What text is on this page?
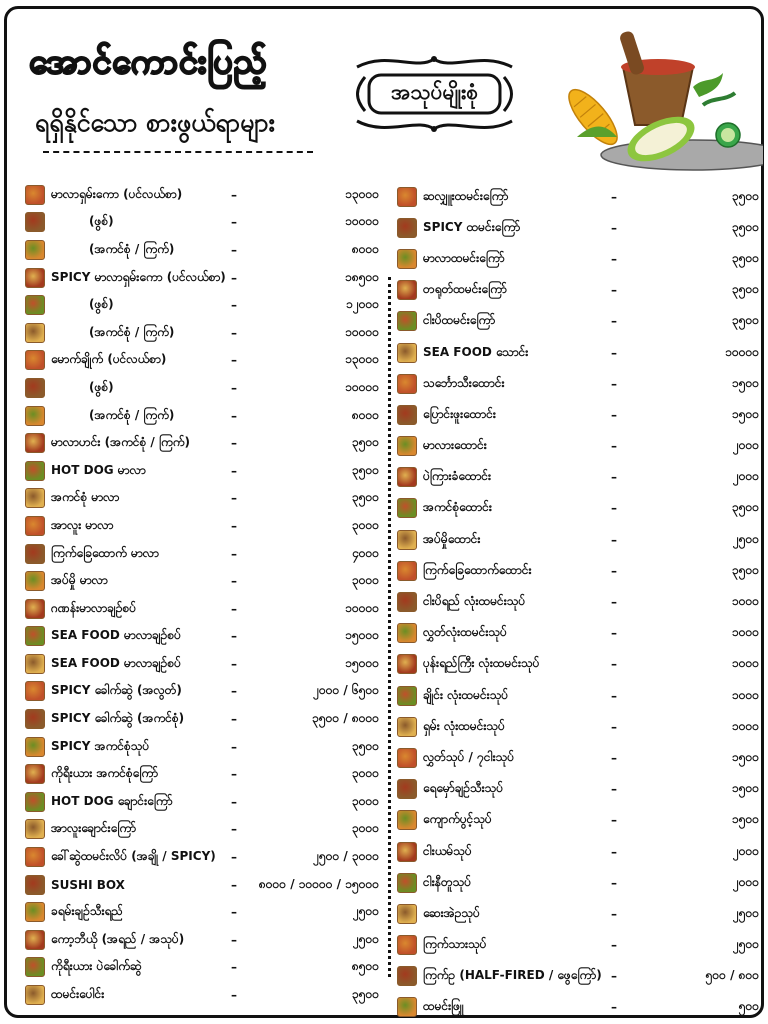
အောင်ကောင်းပြည့်
ရရှိနိုင်သော စားဖွယ်ရာများ
အသုပ်မျိုးစုံ
မာလာရှမ်းကော (ပင်လယ်စာ)	–	၁၃၀၀၀
(ဖွစ်)	–	၁၀၀၀၀
(အကင်စုံ / ကြက်)	–	၈၀၀၀
SPICY မာလာရှမ်းကော (ပင်လယ်စာ) –	၁၈၅၀၀
(ဖွစ်)	–	၁၂၀၀၀
(အကင်စုံ / ကြက်)	–	၁၀၀၀၀
မောက်ချိုက် (ပင်လယ်စာ)	–	၁၃၀၀၀
(ဖွစ်)	–	၁၀၀၀၀
(အကင်စုံ / ကြက်)	–	၈၀၀၀
မာလာဟင်း (အကင်စုံ / ကြက်)	–	၃၅၀၀
HOT DOG မာလာ	–	၃၅၀၀
အကင်စုံ မာလာ	–	၃၅၀၀
အာလူး မာလာ	–	၃၀၀၀
ကြက်ခြေထောက် မာလာ	–	၄၀၀၀
အပ်မှို မာလာ	–	၃၀၀၀
ဂဏန်းမာလာချဉ်စပ်	–	၁၀၀၀၀
SEA FOOD မာလာချဉ်စပ်	–	၁၅၀၀၀
SEA FOOD မာလာချဉ်စပ်	–	၁၅၀၀၀
SPICY ခေါက်ဆွဲ (အလွတ်)	–	၂၀၀၀ / ၆၅၀၀
SPICY ခေါက်ဆွဲ (အကင်စုံ)	–	၃၅၀၀ / ၈၀၀၀
SPICY အကင်စုံသုပ်	–	၃၅၀၀
ကိုရီးယား အကင်စုံကြော်	–	၃၀၀၀
HOT DOG ချောင်းကြော်	–	၃၀၀၀
အာလူးချောင်းကြော်	–	၃၀၀၀
ခေါ်ဆွဲထမင်းလိပ် (အချို / SPICY)	–	၂၅၀၀ / ၃၀၀၀
SUSHI BOX	– ၈၀၀၀ / ၁၀၀၀၀ / ၁၅၀၀၀
ခရမ်းချဉ်သီးရည်	–	၂၅၀၀
ကော့ဘီယို (အရည် / အသုပ်)	–	၂၅၀၀
ကိုရီးယား ပဲခေါက်ဆွဲ	–	၈၅၀၀
ထမင်းပေါင်း	–	၃၅၀၀
ဆလျှူးထမင်းကြော်	–	၃၅၀၀
SPICY ထမင်းကြော်	–	၃၅၀၀
မာလာထမင်းကြော်	–	၃၅၀၀
တရုတ်ထမင်းကြော်	–	၃၅၀၀
ငါးပိထမင်းကြော်	–	၃၅၀၀
SEA FOOD သောင်း	–	၁၀၀၀၀
သင်္ဘောသီးထောင်း	–	၁၅၀၀
ပြောင်းဖူးထောင်း	–	၁၅၀၀
မာလားထောင်း	–	၂၀၀၀
ပဲကြားခံထောင်း	–	၂၀၀၀
အကင်စုံထောင်း	–	၃၅၀၀
အပ်မှိုထောင်း	–	၂၅၀၀
ကြက်ခြေထောက်ထောင်း	–	၃၅၀၀
ငါးပိရည် လုံးထမင်းသုပ်	–	၁၀၀၀
လွှတ်လုံးထမင်းသုပ်	–	၁၀၀၀
ပုန်းရည်ကြီး လုံးထမင်းသုပ်	–	၁၀၀၀
ချိုင်း လုံးထမင်းသုပ်	–	၁၀၀၀
ရှမ်း လုံးထမင်းသုပ်	–	၁၀၀၀
လွှတ်သုပ် / ၇ငါးသုပ်	–	၁၅၀၀
ရေမှော်ချဉ်သီးသုပ်	–	၁၅၀၀
ကျောက်ပွင့်သုပ်	–	၁၅၀၀
ငါးယမ်သုပ်	–	၂၀၀၀
ငါးနီတူသုပ်	–	၂၀၀၀
ဆေးအဲဉသုပ်	–	၂၅၀၀
ကြက်သားသုပ်	–	၂၅၀၀
ကြက်ဥ (HALF-FIRED / ဖွေကြော်) –	၅၀၀ / ၈၀၀
ထမင်းဖြူ	–	၅၀၀
